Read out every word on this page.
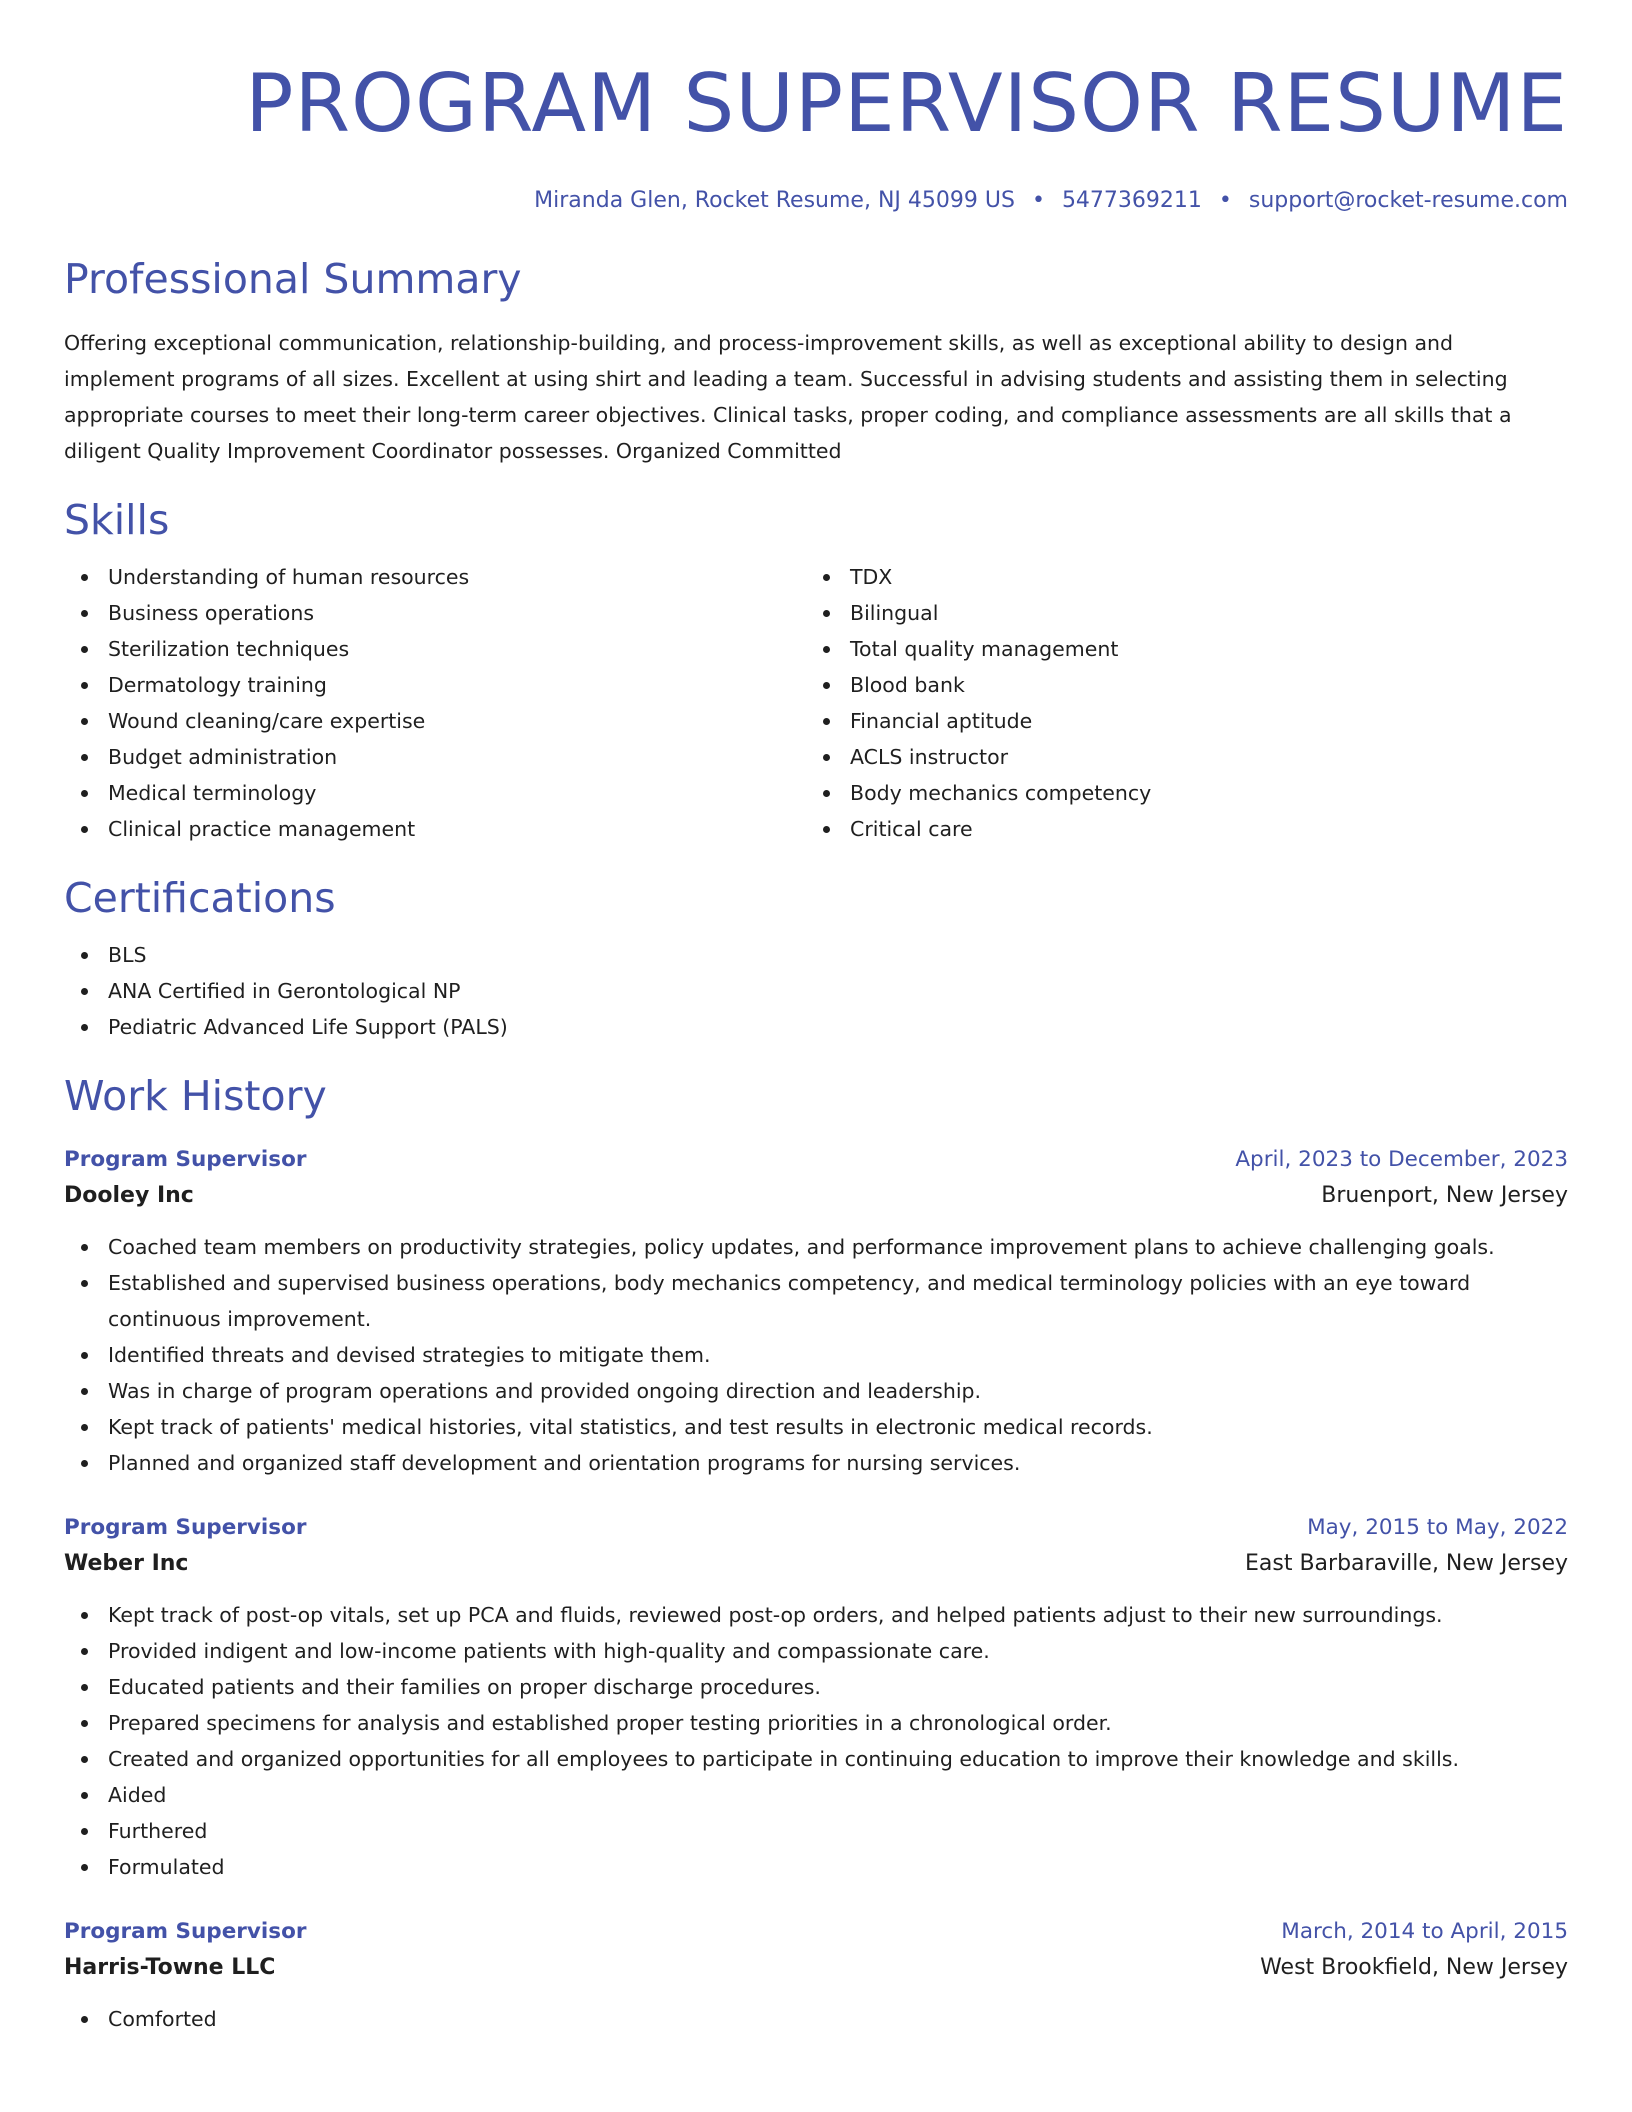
PROGRAM SUPERVISOR RESUME
Miranda Glen, Rocket Resume, NJ 45099 US • 5477369211 • support@rocket-resume.com
Professional Summary

Offering exceptional communication, relationship-building, and process-improvement skills, as well as exceptional ability to design and implement programs of all sizes. Excellent at using shirt and leading a team. Successful in advising students and assisting them in selecting appropriate courses to meet their long-term career objectives. Clinical tasks, proper coding, and compliance assessments are all skills that a diligent Quality Improvement Coordinator possesses. Organized Committed

Skills
Understanding of human resources
Business operations
Sterilization techniques
Dermatology training
Wound cleaning/care expertise
Budget administration
Medical terminology
Clinical practice management
TDX
Bilingual
Total quality management
Blood bank
Financial aptitude
ACLS instructor
Body mechanics competency
Critical care
Certifications
BLS
ANA Certified in Gerontological NP
Pediatric Advanced Life Support (PALS)
Work History
Program Supervisor	April, 2023 to December, 2023
Dooley Inc	Bruenport, New Jersey
Coached team members on productivity strategies, policy updates, and performance improvement plans to achieve challenging goals.
Established and supervised business operations, body mechanics competency, and medical terminology policies with an eye toward continuous improvement.
Identified threats and devised strategies to mitigate them.
Was in charge of program operations and provided ongoing direction and leadership.
Kept track of patients' medical histories, vital statistics, and test results in electronic medical records.
Planned and organized staff development and orientation programs for nursing services.
Program Supervisor	May, 2015 to May, 2022
Weber Inc	East Barbaraville, New Jersey
Kept track of post-op vitals, set up PCA and fluids, reviewed post-op orders, and helped patients adjust to their new surroundings.
Provided indigent and low-income patients with high-quality and compassionate care.
Educated patients and their families on proper discharge procedures.
Prepared specimens for analysis and established proper testing priorities in a chronological order.
Created and organized opportunities for all employees to participate in continuing education to improve their knowledge and skills.
Aided
Furthered
Formulated
Program Supervisor	March, 2014 to April, 2015
Harris-Towne LLC	West Brookfield, New Jersey
Comforted
